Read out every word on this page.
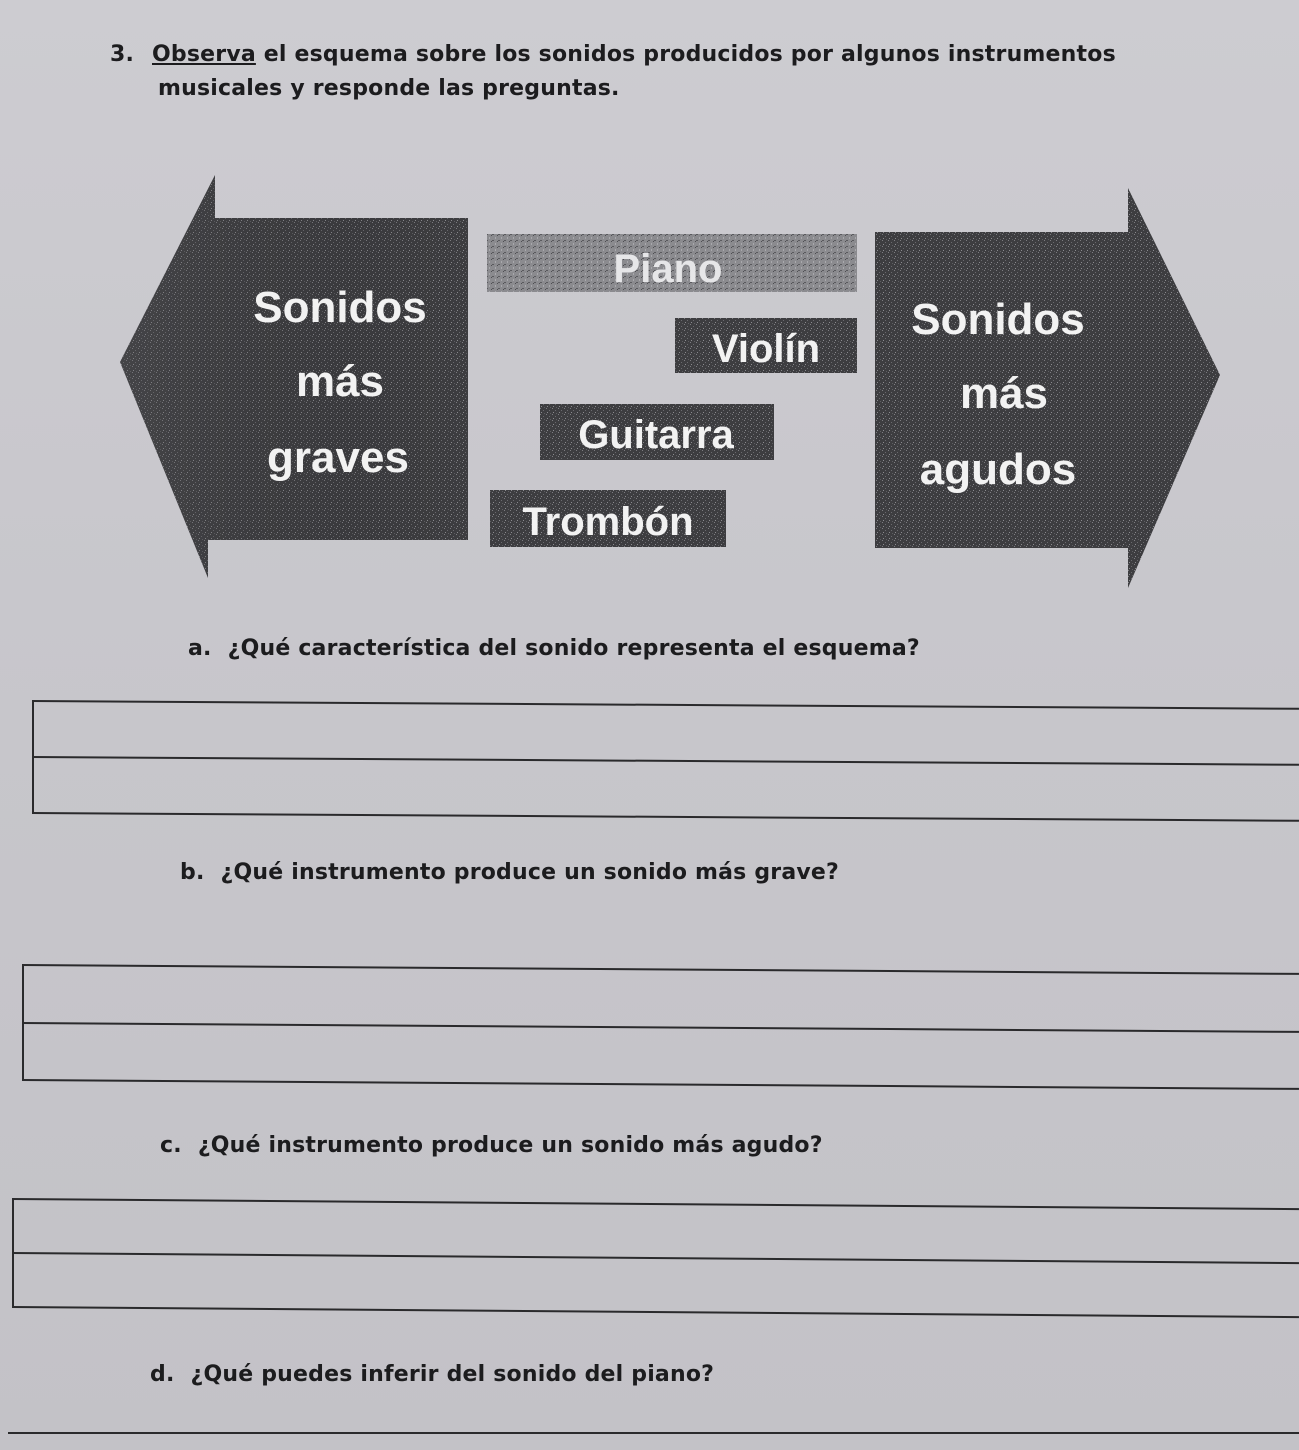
3. Observa el esquema sobre los sonidos producidos por algunos instrumentos
musicales y responde las preguntas.
Sonidos
más
graves
Sonidos
más
agudos
Piano
Violín
Guitarra
Trombón
a. ¿Qué característica del sonido representa el esquema?
b. ¿Qué instrumento produce un sonido más grave?
c. ¿Qué instrumento produce un sonido más agudo?
d. ¿Qué puedes inferir del sonido del piano?
